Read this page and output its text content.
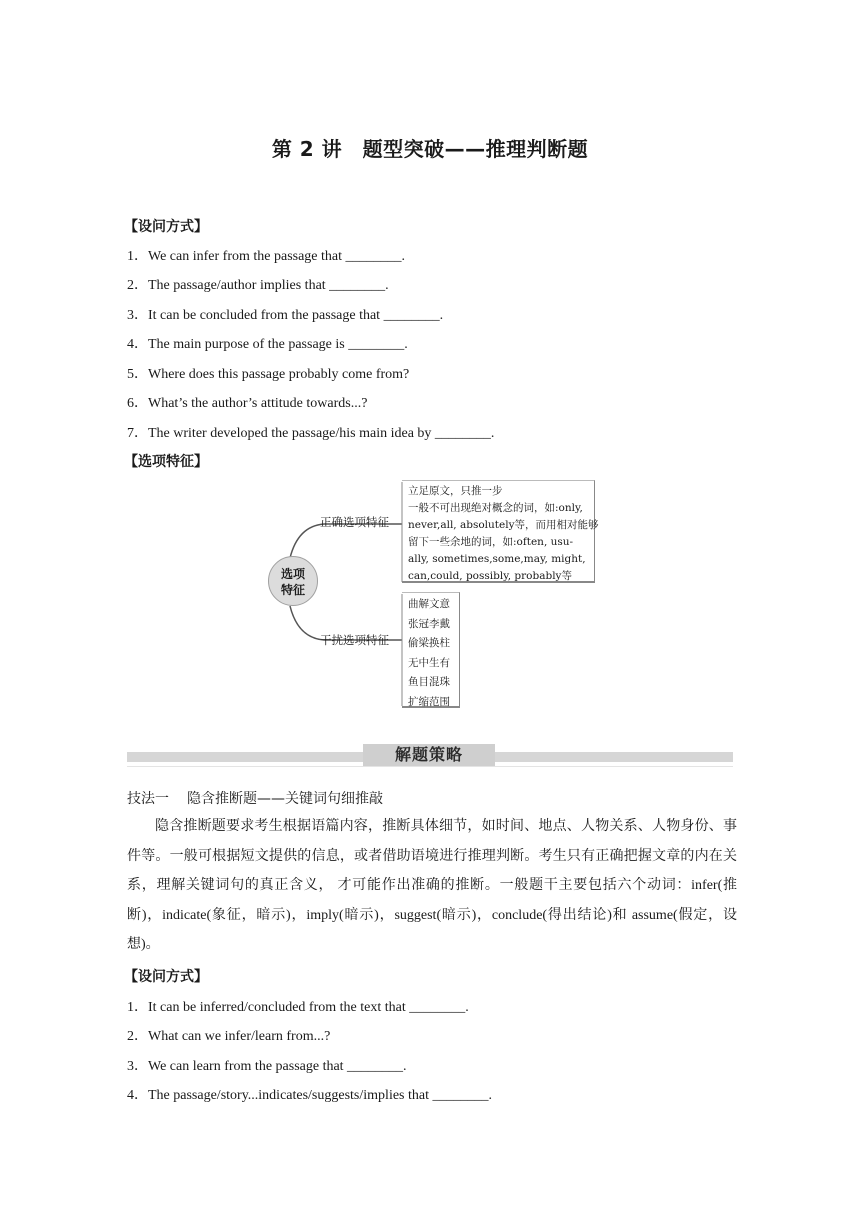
第 2 讲　题型突破——推理判断题
【设问方式】
1．We can infer from the passage that ________.
2．The passage/author implies that ________.
3．It can be concluded from the passage that ________.
4．The main purpose of the passage is ________.
5．Where does this passage probably come from?
6．What’s the author’s attitude towards...?
7．The writer developed the passage/his main idea by ________.
【选项特征】
选项
特征
正确选项特征
干扰选项特征
立足原文，只推一步
一般不可出现绝对概念的词，如:only,
never,all, absolutely等，而用相对能够
留下一些余地的词，如:often, usu-
ally, sometimes,some,may, might,
can,could, possibly, probably等
曲解文意
张冠李戴
偷梁换柱
无中生有
鱼目混珠
扩缩范围
解题策略
技法一 隐含推断题——关键词句细推敲

隐含推断题要求考生根据语篇内容，推断具体细节，如时间、地点、人物关系、人物身份、事件等。一般可根据短文提供的信息，或者借助语境进行推理判断。考生只有正确把握文章的内在关系，理解关键词句的真正含义， 才可能作出准确的推断。一般题干主要包括六个动词：infer(推断)，indicate(象征，暗示)，imply(暗示)，suggest(暗示)，conclude(得出结论)和 assume(假定，设想)。

【设问方式】
1．It can be inferred/concluded from the text that ________.
2．What can we infer/learn from...?
3．We can learn from the passage that ________.
4．The passage/story...indicates/suggests/implies that ________.
